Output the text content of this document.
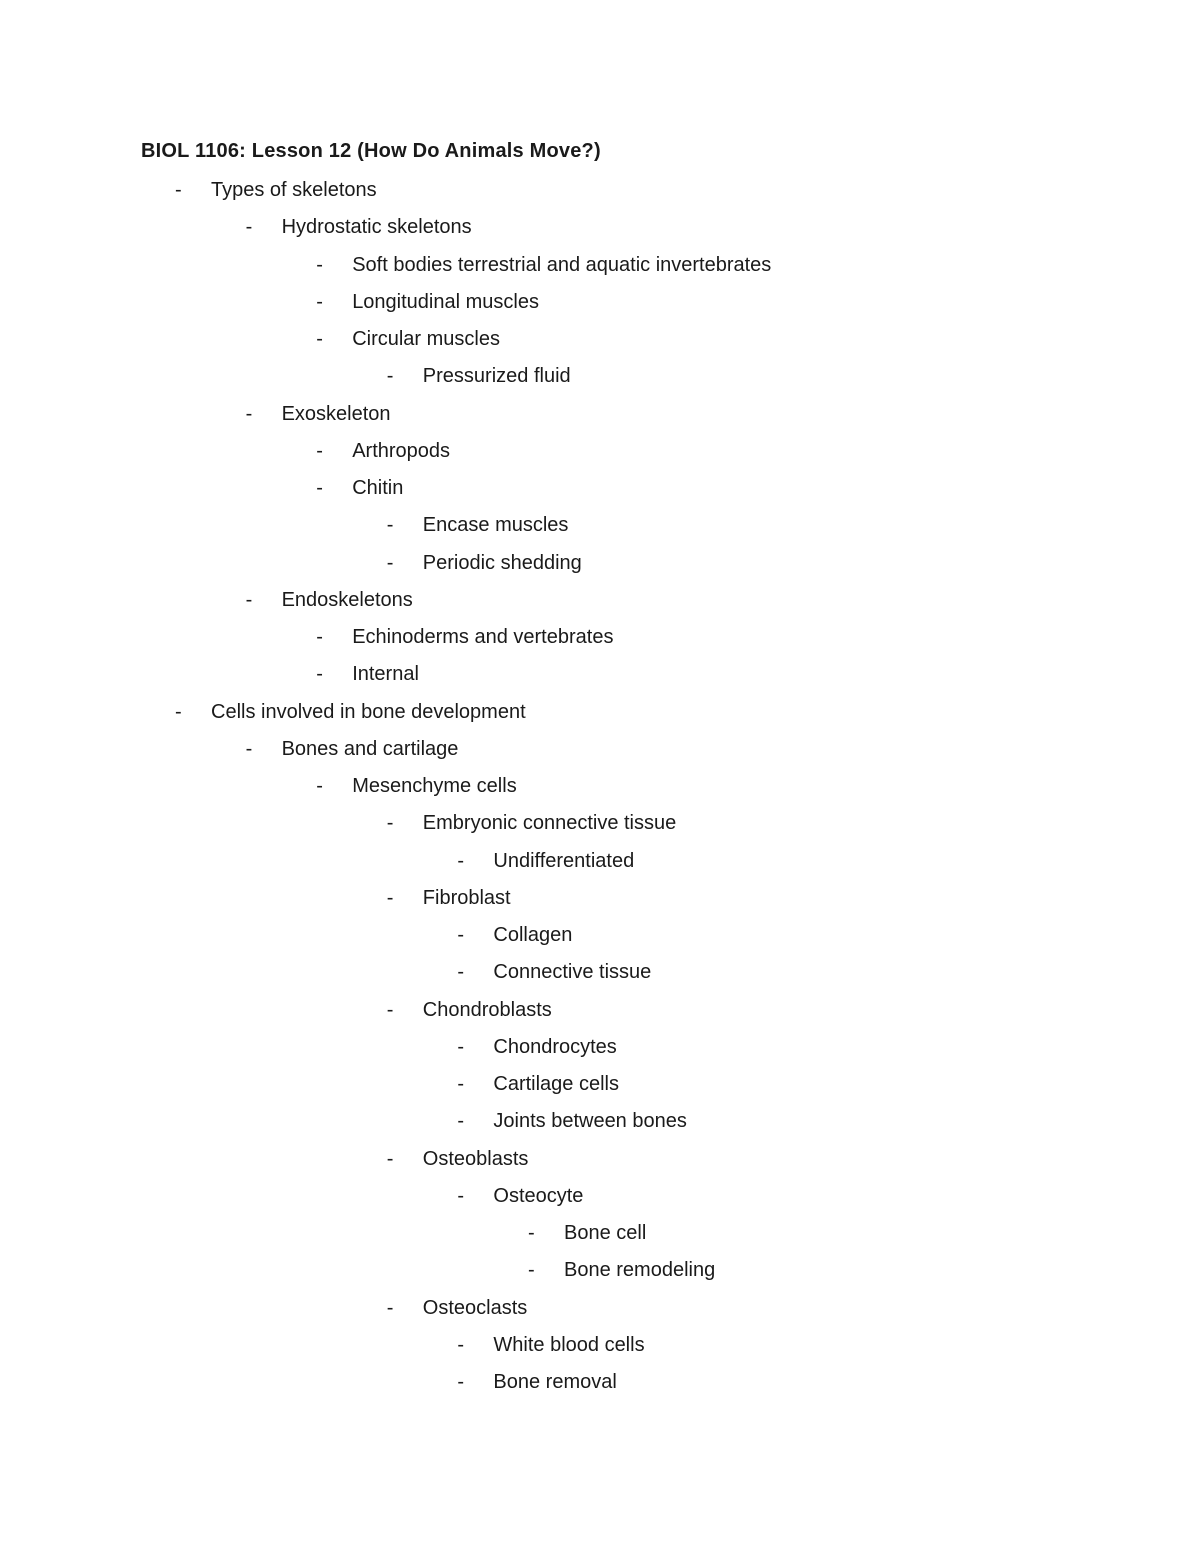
BIOL 1106: Lesson 12 (How Do Animals Move?)
- Types of skeletons
- Hydrostatic skeletons
- Soft bodies terrestrial and aquatic invertebrates
- Longitudinal muscles
- Circular muscles
- Pressurized fluid
- Exoskeleton
- Arthropods
- Chitin
- Encase muscles
- Periodic shedding
- Endoskeletons
- Echinoderms and vertebrates
- Internal
- Cells involved in bone development
- Bones and cartilage
- Mesenchyme cells
- Embryonic connective tissue
- Undifferentiated
- Fibroblast
- Collagen
- Connective tissue
- Chondroblasts
- Chondrocytes
- Cartilage cells
- Joints between bones
- Osteoblasts
- Osteocyte
- Bone cell
- Bone remodeling
- Osteoclasts
- White blood cells
- Bone removal
